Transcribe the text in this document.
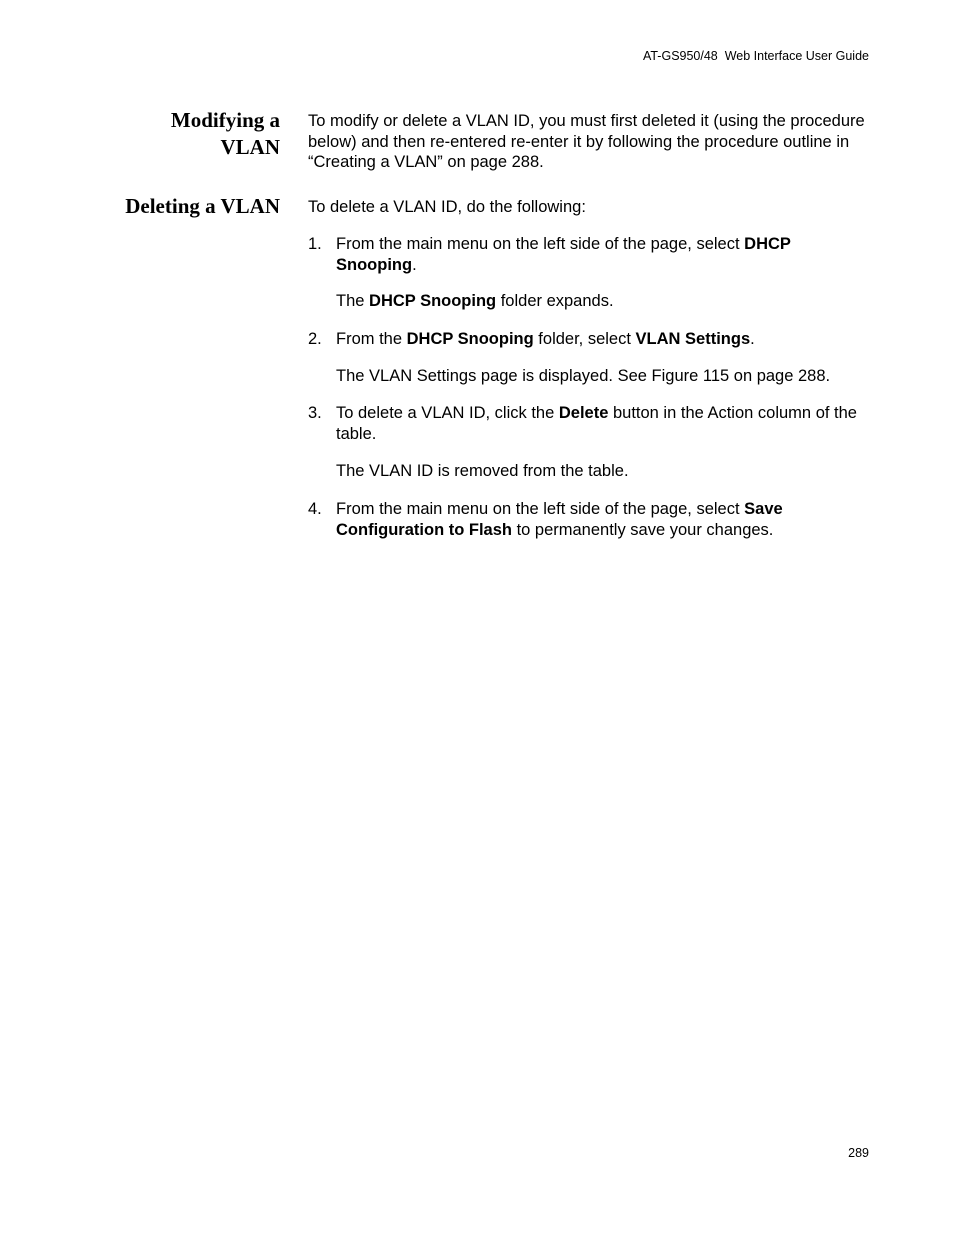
AT-GS950/48  Web Interface User Guide
Modifying a
VLAN

To modify or delete a VLAN ID, you must first deleted it (using the procedure below) and then re-entered re-enter it by following the procedure outline in “Creating a VLAN” on page 288.

Deleting a VLAN To delete a VLAN ID, do the following:

1. From the main menu on the left side of the page, select DHCP Snooping.

The DHCP Snooping folder expands.

2. From the DHCP Snooping folder, select VLAN Settings.

The VLAN Settings page is displayed. See Figure 115 on page 288.

3. To delete a VLAN ID, click the Delete button in the Action column of the table.

The VLAN ID is removed from the table.

4. From the main menu on the left side of the page, select Save Configuration to Flash to permanently save your changes.
289
